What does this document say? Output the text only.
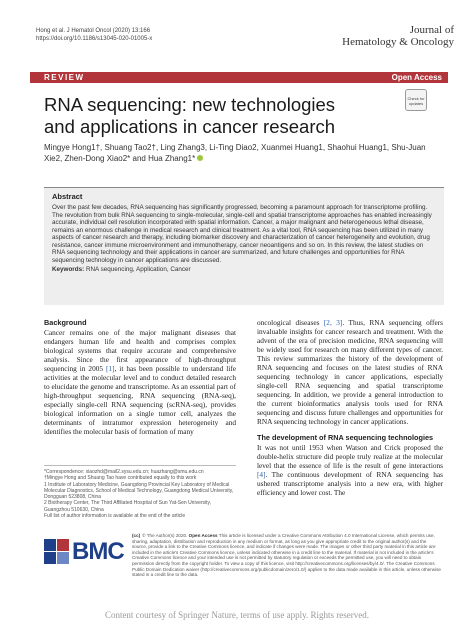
Hong et al. J Hematol Oncol (2020) 13:166
https://doi.org/10.1186/s13045-020-01005-x
Journal of
Hematology & Oncology
REVIEW	Open Access
Check for updates
RNA sequencing: new technologies
and applications in cancer research
Mingye Hong1†, Shuang Tao2†, Ling Zhang3, Li-Ting Diao2, Xuanmei Huang1, Shaohui Huang1, Shu-Juan Xie2, Zhen-Dong Xiao2* and Hua Zhang1*
Abstract

Over the past few decades, RNA sequencing has significantly progressed, becoming a paramount approach for transcriptome profiling. The revolution from bulk RNA sequencing to single-molecular, single-cell and spatial transcriptome approaches has enabled increasingly accurate, individual cell resolution incorporated with spatial information. Cancer, a major malignant and heterogeneous lethal disease, remains an enormous challenge in medical research and clinical treatment. As a vital tool, RNA sequencing has been utilized in many aspects of cancer research and therapy, including biomarker discovery and characterization of cancer heterogeneity and evolution, drug resistance, cancer immune microenvironment and immunotherapy, cancer neoantigens and so on. In this review, the latest studies on RNA sequencing technology and their applications in cancer are summarized, and future challenges and opportunities for RNA sequencing technology in cancer applications are discussed.

Keywords: RNA sequencing, Application, Cancer

Background

Cancer remains one of the major malignant diseases that endangers human life and health and comprises complex biological systems that require accurate and comprehensive analysis. Since the first appearance of high-throughput sequencing in 2005 [1], it has been possible to understand life activities at the molecular level and to conduct detailed research to elucidate the genome and transcriptome. As an essential part of high-throughput sequencing, RNA sequencing (RNA-seq), especially single-cell RNA sequencing (scRNA-seq), provides biological information on a single tumor cell, analyzes the determinants of intratumor expression heterogeneity and identifies the molecular basis of formation of many

*Correspondence: xiaozhd@mail2.sysu.edu.cn; huazhang@smu.edu.cn
†Mingye Hong and Shuang Tao have contributed equally to this work
1 Institute of Laboratory Medicine, Guangdong Provincial Key Laboratory of Medical Molecular Diagnostics, School of Medical Technology, Guangdong Medical University, Dongguan 523808, China
2 Biotherapy Center, The Third Affiliated Hospital of Sun Yat-Sen University, Guangzhou 510630, China
Full list of author information is available at the end of the article

oncological diseases [2, 3]. Thus, RNA sequencing offers invaluable insights for cancer research and treatment. With the advent of the era of precision medicine, RNA sequencing will be widely used for research on many different types of cancer. This review summarizes the history of the development of RNA sequencing and focuses on the latest studies of RNA sequencing technology in cancer applications, especially single-cell RNA sequencing and spatial transcriptome sequencing. In addition, we provide a general introduction to the current bioinformatics analysis tools used for RNA sequencing and discuss future challenges and opportunities for RNA sequencing technology in cancer applications.

The development of RNA sequencing technologies

It was not until 1953 when Watson and Crick proposed the double-helix structure did people truly realize at the molecular level that the essence of life is the result of gene interactions [4]. The continuous development of RNA sequencing has ushered transcriptome analysis into a new era, with higher efficiency and lower cost. The

BMC
(cc) © The Author(s) 2020. Open Access This article is licensed under a Creative Commons Attribution 4.0 International License, which permits use, sharing, adaptation, distribution and reproduction in any medium or format, as long as you give appropriate credit to the original author(s) and the source, provide a link to the Creative Commons licence, and indicate if changes were made. The images or other third party material in this article are included in the article's Creative Commons licence, unless indicated otherwise in a credit line to the material. If material is not included in the article's Creative Commons licence and your intended use is not permitted by statutory regulation or exceeds the permitted use, you will need to obtain permission directly from the copyright holder. To view a copy of this licence, visit http://creativecommons.org/licenses/by/4.0/. The Creative Commons Public Domain Dedication waiver (http://creativecommons.org/publicdomain/zero/1.0/) applies to the data made available in this article, unless otherwise stated in a credit line to the data.
Content courtesy of Springer Nature, terms of use apply. Rights reserved.
